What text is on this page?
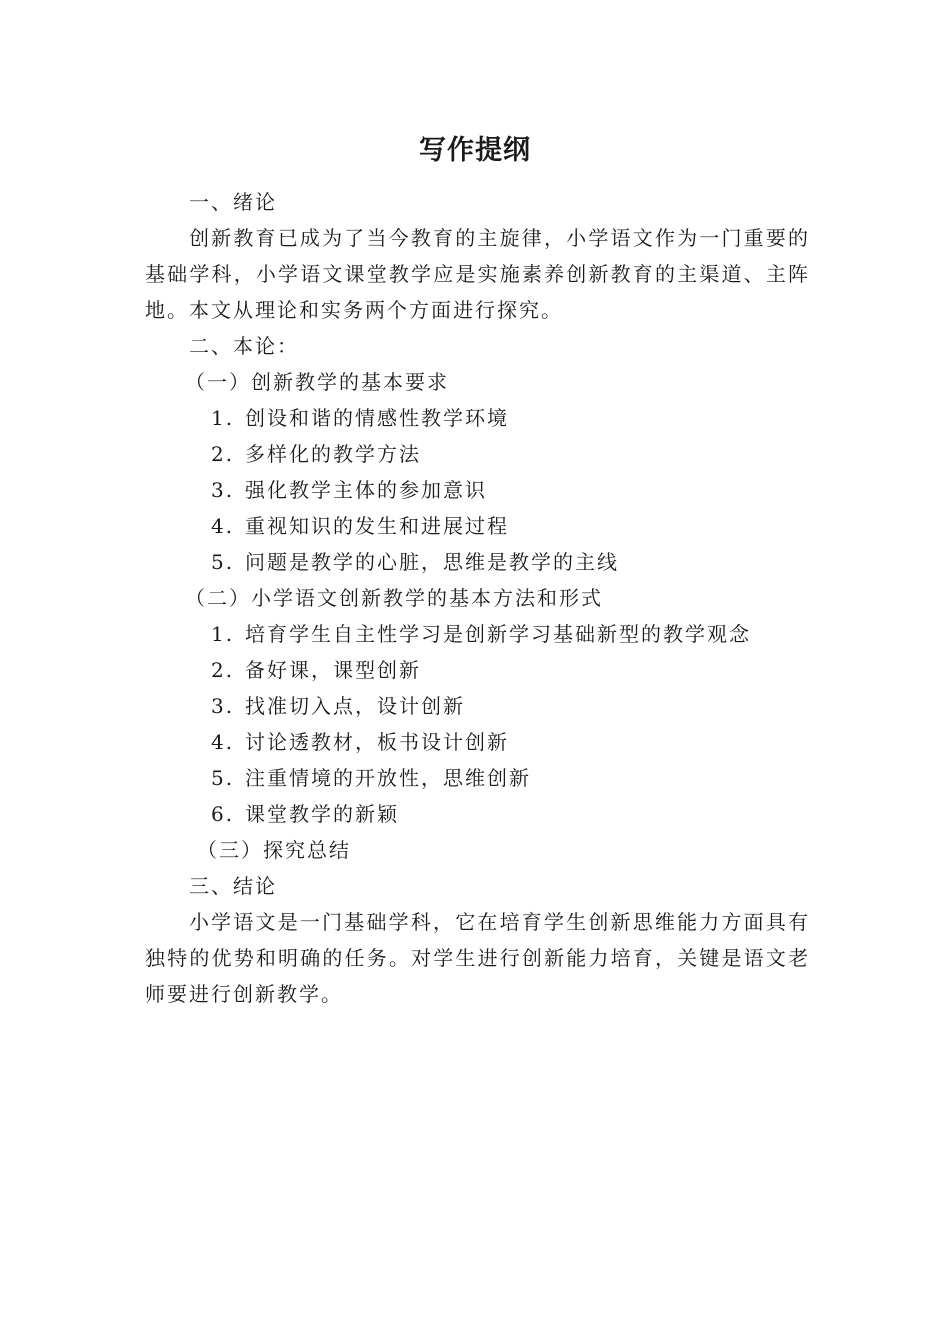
写作提纲
一、绪论
创新教育已成为了当今教育的主旋律，小学语文作为一门重要的基础学科，小学语文课堂教学应是实施素养创新教育的主渠道、主阵地。本文从理论和实务两个方面进行探究。
二、本论：
（一）创新教学的基本要求
1. 创设和谐的情感性教学环境
2. 多样化的教学方法
3. 强化教学主体的参加意识
4. 重视知识的发生和进展过程
5. 问题是教学的心脏，思维是教学的主线
（二）小学语文创新教学的基本方法和形式
1. 培育学生自主性学习是创新学习基础新型的教学观念
2. 备好课，课型创新
3. 找准切入点，设计创新
4. 讨论透教材，板书设计创新
5. 注重情境的开放性，思维创新
6. 课堂教学的新颖
（三）探究总结
三、结论
小学语文是一门基础学科，它在培育学生创新思维能力方面具有独特的优势和明确的任务。对学生进行创新能力培育，关键是语文老师要进行创新教学。
